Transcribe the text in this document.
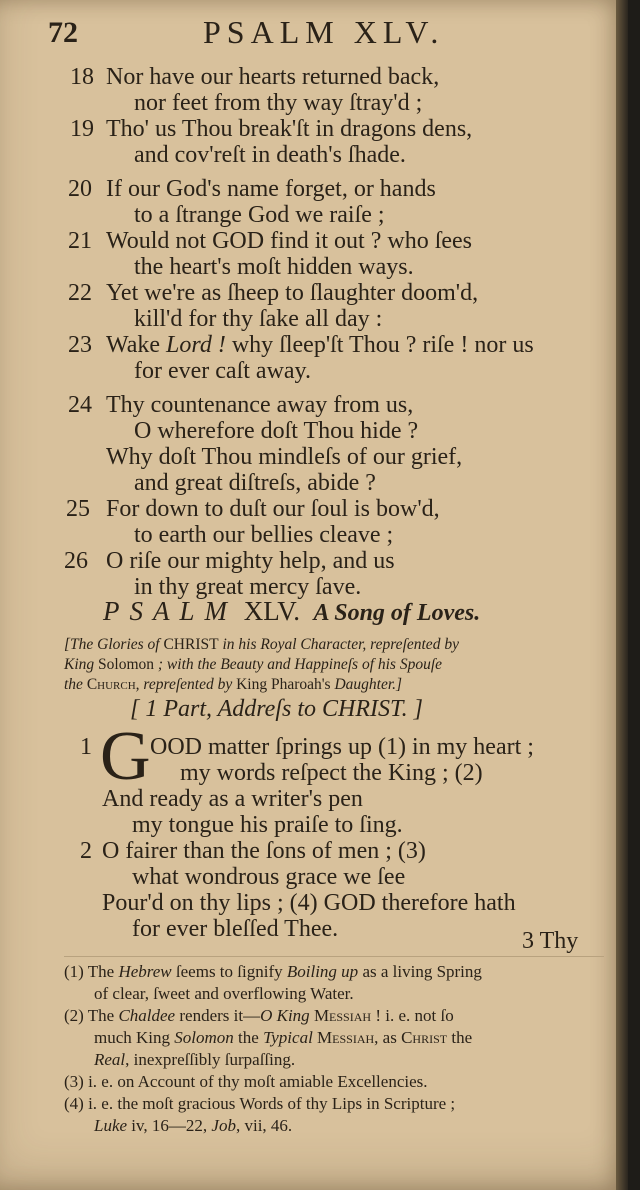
72	PSALM XLV.
18 Nor have our hearts returned back,
nor feet from thy way ſtray'd ;
19 Tho' us Thou break'ſt in dragons dens,
and cov'reſt in death's ſhade.
20 If our God's name forget, or hands
to a ſtrange God we raiſe ;
21 Would not GOD find it out ? who ſees
the heart's moſt hidden ways.
22 Yet we're as ſheep to ſlaughter doom'd,
kill'd for thy ſake all day :
23 Wake Lord ! why ſleep'ſt Thou ? riſe ! nor us
for ever caſt away.
24 Thy countenance away from us,
O wherefore doſt Thou hide ?
Why doſt Thou mindleſs of our grief,
and great diſtreſs, abide ?
25 For down to duſt our ſoul is bow'd,
to earth our bellies cleave ;
26 O riſe our mighty help, and us
in thy great mercy ſave.
PSALM XLV. A Song of Loves.
[The Glories of CHRIST in his Royal Character, repreſented by
King Solomon ; with the Beauty and Happineſs of his Spouſe
the Church, repreſented by King Pharoah's Daughter.]
[ 1 Part, Addreſs to CHRIST. ]
1 G OOD matter ſprings up (1) in my heart ;
my words reſpect the King ; (2)
And ready as a writer's pen
my tongue his praiſe to ſing.
2 O fairer than the ſons of men ; (3)
what wondrous grace we ſee
Pour'd on thy lips ; (4) GOD therefore hath
for ever bleſſed Thee.	3 Thy
(1) The Hebrew ſeems to ſignify Boiling up as a living Spring
of clear, ſweet and overflowing Water.
(2) The Chaldee renders it—O King Messiah ! i. e. not ſo
much King Solomon the Typical Messiah, as Christ the
Real, inexpreſſibly ſurpaſſing.
(3) i. e. on Account of thy moſt amiable Excellencies.
(4) i. e. the moſt gracious Words of thy Lips in Scripture ;
Luke iv, 16—22, Job, vii, 46.
